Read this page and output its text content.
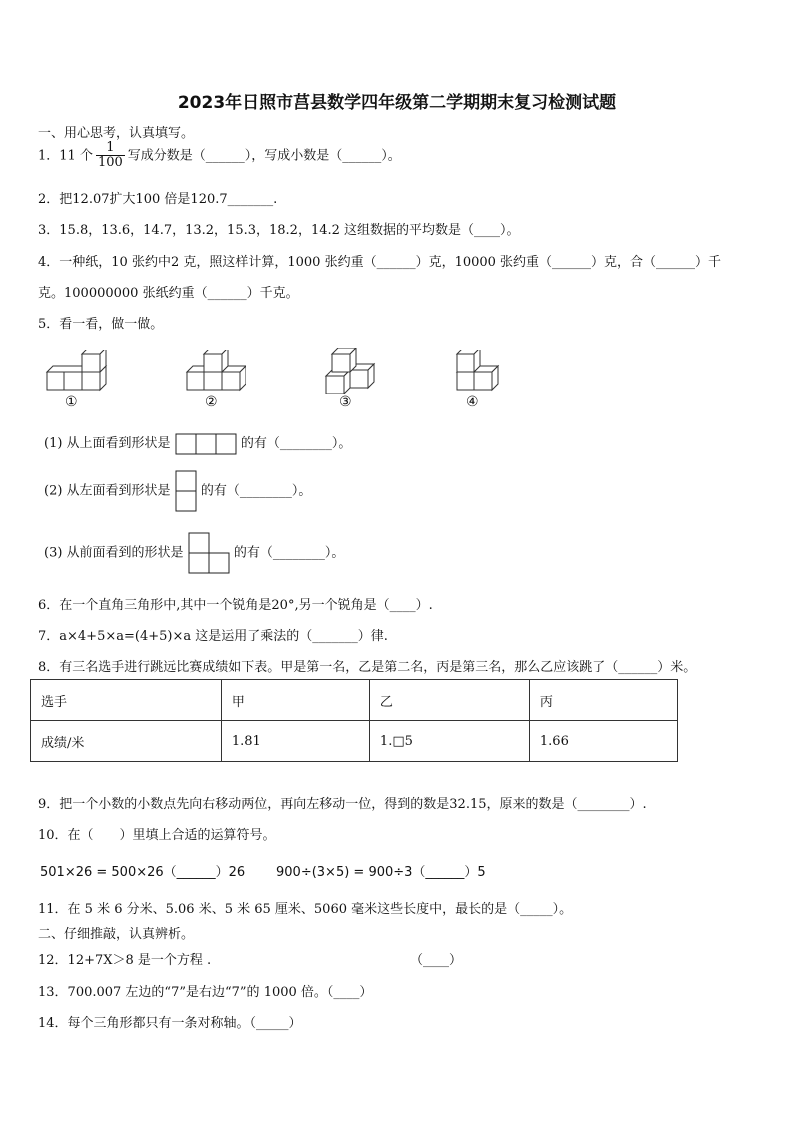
2023年日照市莒县数学四年级第二学期期末复习检测试题
一、用心思考，认真填写。
1．11 个 $\frac{1}{100}$ 写成分数是（______），写成小数是（______）。
2．把12.07扩大100 倍是120.7_______.
3．15.8，13.6，14.7，13.2，15.3，18.2，14.2 这组数据的平均数是（____）。
4．一种纸，10 张约中2 克，照这样计算，1000 张约重（______）克，10000 张约重（______）克，合（______）千
克。100000000 张纸约重（______）千克。
5．看一看，做一做。
①	②	③	④
(1) 从上面看到形状是	的有（________）。
(2) 从左面看到形状是 的有（________）。
(3) 从前面看到的形状是	的有（________）。
6．在一个直角三角形中,其中一个锐角是20°,另一个锐角是（____）.
7．a×4+5×a=(4+5)×a 这是运用了乘法的（_______）律.
8．有三名选手进行跳远比赛成绩如下表。甲是第一名，乙是第二名，丙是第三名，那么乙应该跳了（______）米。
选手	甲	乙	丙
成绩/米	1.81	1.□5	1.66
9．把一个小数的小数点先向右移动两位，再向左移动一位，得到的数是32.15，原来的数是（________）.
10．在（　　）里填上合适的运算符号。
501×26 = 500×26（______）26 900÷(3×5) = 900÷3（______）5
11．在 5 米 6 分米、5.06 米、5 米 65 厘米、5060 毫米这些长度中，最长的是（_____）。
二、仔细推敲，认真辨析。
12．12+7X＞8 是一个方程 .	（____）
13．700.007 左边的“7”是右边“7”的 1000 倍。（____）
14．每个三角形都只有一条对称轴。（_____）
